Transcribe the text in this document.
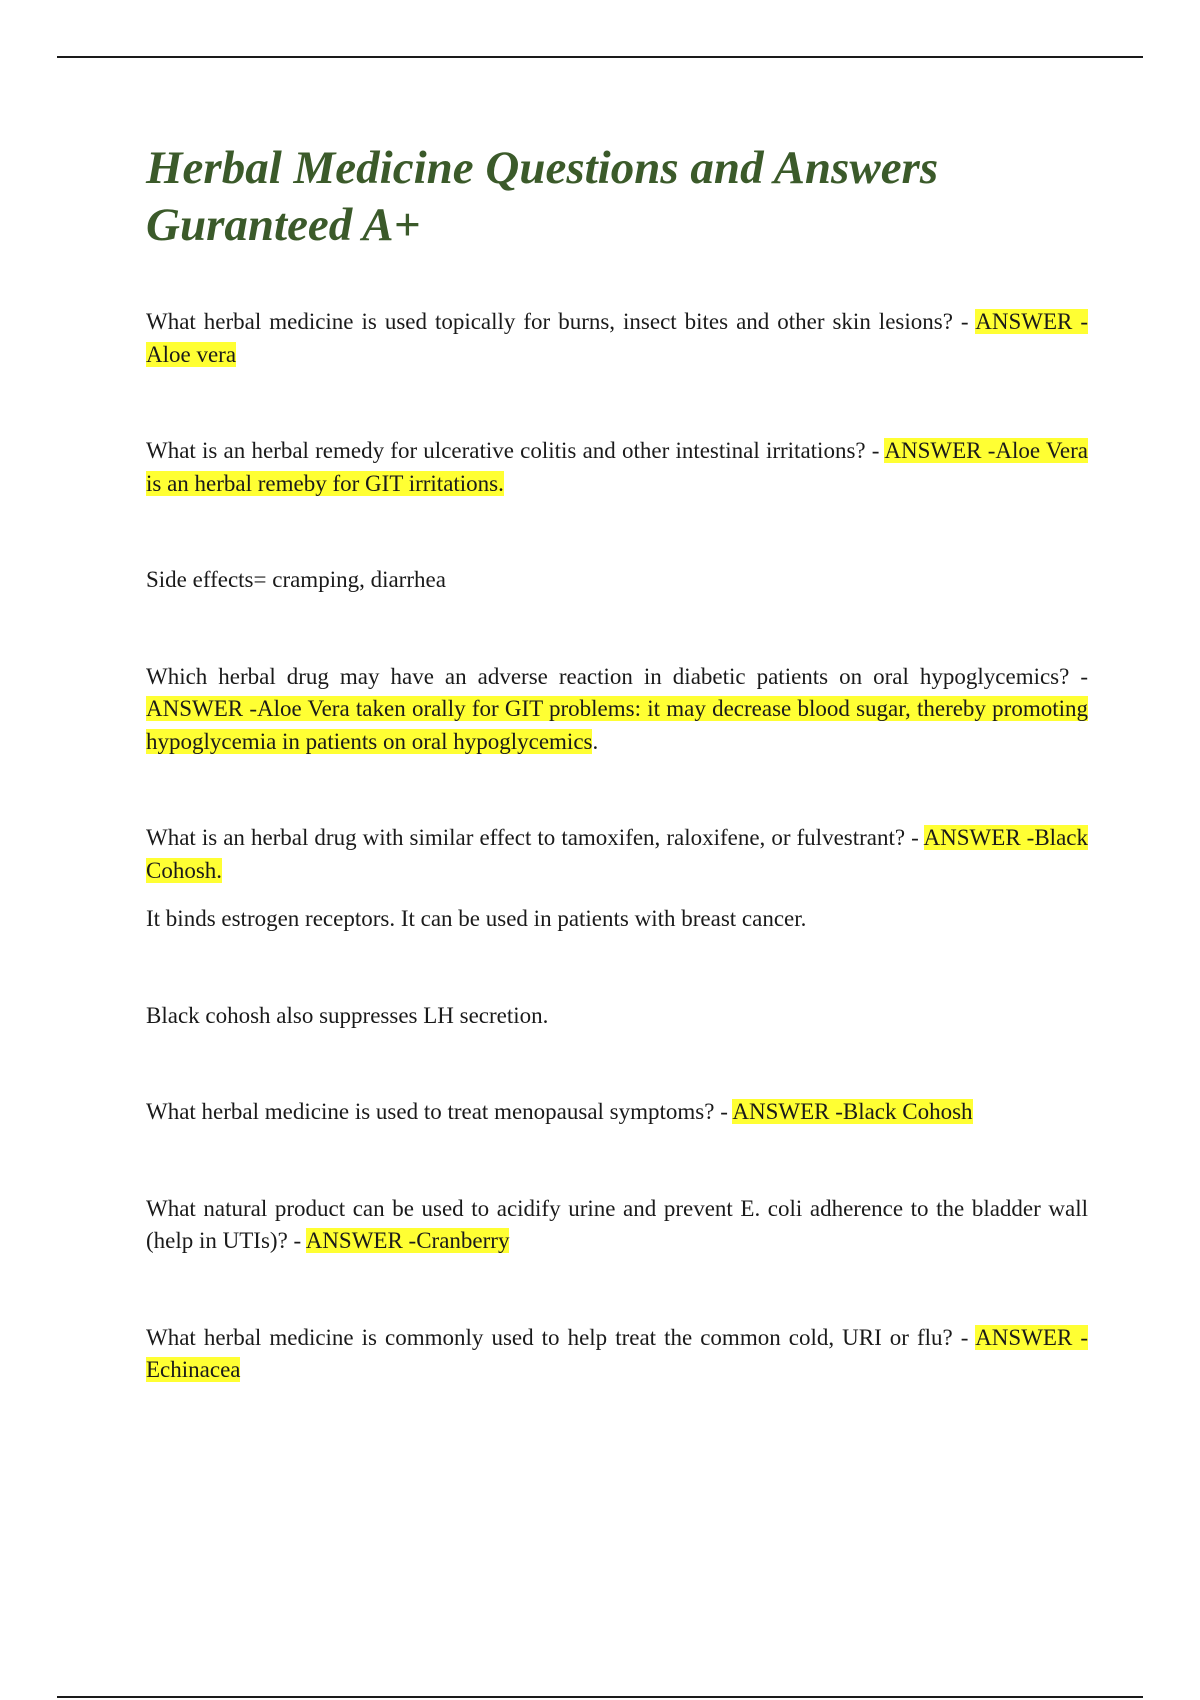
Herbal Medicine Questions and Answers Guranteed A+

What herbal medicine is used topically for burns, insect bites and other skin lesions? - ANSWER -Aloe vera

What is an herbal remedy for ulcerative colitis and other intestinal irritations? - ANSWER -Aloe Vera is an herbal remeby for GIT irritations.

Side effects= cramping, diarrhea

Which herbal drug may have an adverse reaction in diabetic patients on oral hypoglycemics? - ANSWER -Aloe Vera taken orally for GIT problems: it may decrease blood sugar, thereby promoting hypoglycemia in patients on oral hypoglycemics.

What is an herbal drug with similar effect to tamoxifen, raloxifene, or fulvestrant? - ANSWER -Black Cohosh.

It binds estrogen receptors. It can be used in patients with breast cancer.

Black cohosh also suppresses LH secretion.

What herbal medicine is used to treat menopausal symptoms? - ANSWER -Black Cohosh

What natural product can be used to acidify urine and prevent E. coli adherence to the bladder wall (help in UTIs)? - ANSWER -Cranberry

What herbal medicine is commonly used to help treat the common cold, URI or flu? - ANSWER -Echinacea
